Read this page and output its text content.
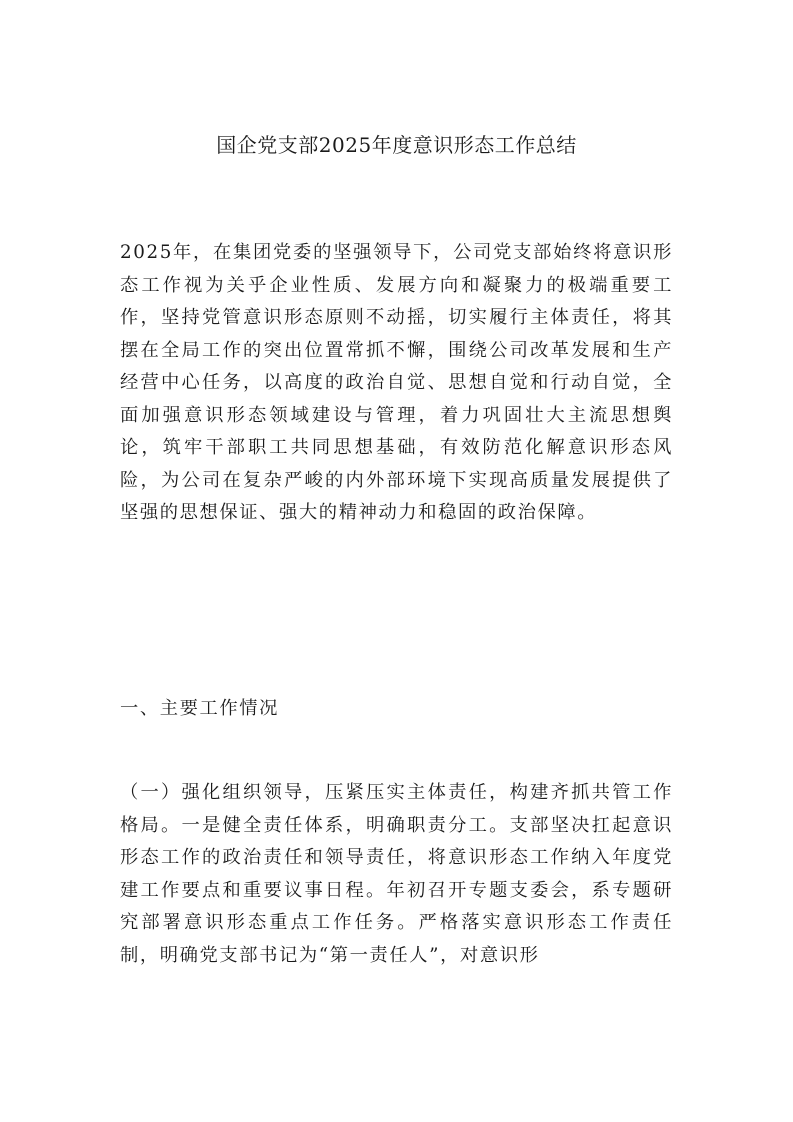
国企党支部2025年度意识形态工作总结

2025年，在集团党委的坚强领导下，公司党支部始终将意识形态工作视为关乎企业性质、发展方向和凝聚力的极端重要工作，坚持党管意识形态原则不动摇，切实履行主体责任，将其摆在全局工作的突出位置常抓不懈，围绕公司改革发展和生产经营中心任务，以高度的政治自觉、思想自觉和行动自觉，全面加强意识形态领域建设与管理，着力巩固壮大主流思想舆论，筑牢干部职工共同思想基础，有效防范化解意识形态风险，为公司在复杂严峻的内外部环境下实现高质量发展提供了坚强的思想保证、强大的精神动力和稳固的政治保障。

一、主要工作情况

（一）强化组织领导，压紧压实主体责任，构建齐抓共管工作格局。一是健全责任体系，明确职责分工。支部坚决扛起意识形态工作的政治责任和领导责任，将意识形态工作纳入年度党建工作要点和重要议事日程。年初召开专题支委会，系专题研究部署意识形态重点工作任务。严格落实意识形态工作责任制，明确党支部书记为“第一责任人”，对意识形
